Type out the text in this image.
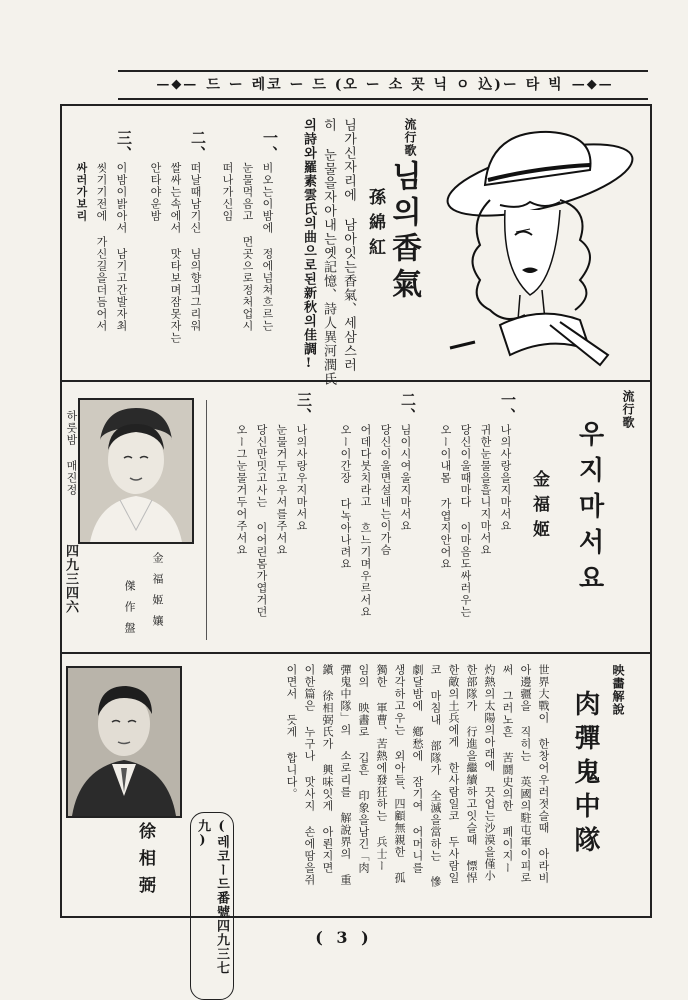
—◆— 드 ー 레코 ー 드 (오 ー 소 꼿 닉 ㅇ 込)ー 타 빅 —◆—
流行歌
님의香氣
孫綿紅
님가신자리에 남아잇는香氣、세삼스러
히 눈물을자아내는옛記憶、詩人異河潤氏
의詩와羅素雲氏의曲으로된新秋의佳調!
一、
비오는이밤에 정에넘쳐흐르는
눈물먹음고 먼곳으로정처업시
떠나가신임
二、
떠날때남기신 님의향긔그리워
쌀싸는속에서 맛타보며잠못자는
안타야운밤
三、
이밤이밝아서 남기고간발자최
씻기기전에 가신길을더듬어서
싸러가보리
流行歌
우지마서요
金福姬
一、
나의사랑을지마서요
귀한눈물을흘니지마서요
당신이울때마다 이마음도싸러우는
오ー이내몸 가엽지안어요
二、
님이시여울지마서요
당신이울면설네는이가슴
어데다붓치라고 흐느기며우르서요
오ー이간장 다녹아나려요
三、
나의사랑우지마서요
눈물거두고우서를주서요
당신만밋고사는 이어린몸가엽거던
오ー그눈물거두어주서요
金福姬孃
傑作盤
하룻밤 매진정
四九三四六
映畵解說
肉彈鬼中隊
世界大戰이 한창어우러젓슬때 아라비
아邊疆을 직히는 英國의駐屯軍이피로
써 그러노흔 苦鬪史의한 페이지ー
灼熱의太陽의아래에 끗업는沙漠을僅小
한部隊가 行進을繼續하고잇슬때 慓悍
한敵의土兵에게 한사람일코 두사람일
코 마침내 部隊가 全滅을當하는 慘
劇달밤에 鄕愁에 잠기여 어머니를
생각하고우는 외아들、四顧無親한 孤
獨한 軍曹、苦熱에發狂하는 兵士ー
임의 映畵로 깁흔 印象을남긴「肉
彈鬼中隊」의 소로리를 解說界의 重
鎭 徐相弼氏가 興味잇게 아뢴지면
이한篇은 누구나 맛사지 손에땀을쥐
이면서 듯게 합니다。
(레코ー드番號四九三七九)
徐相弼
( 3 )
